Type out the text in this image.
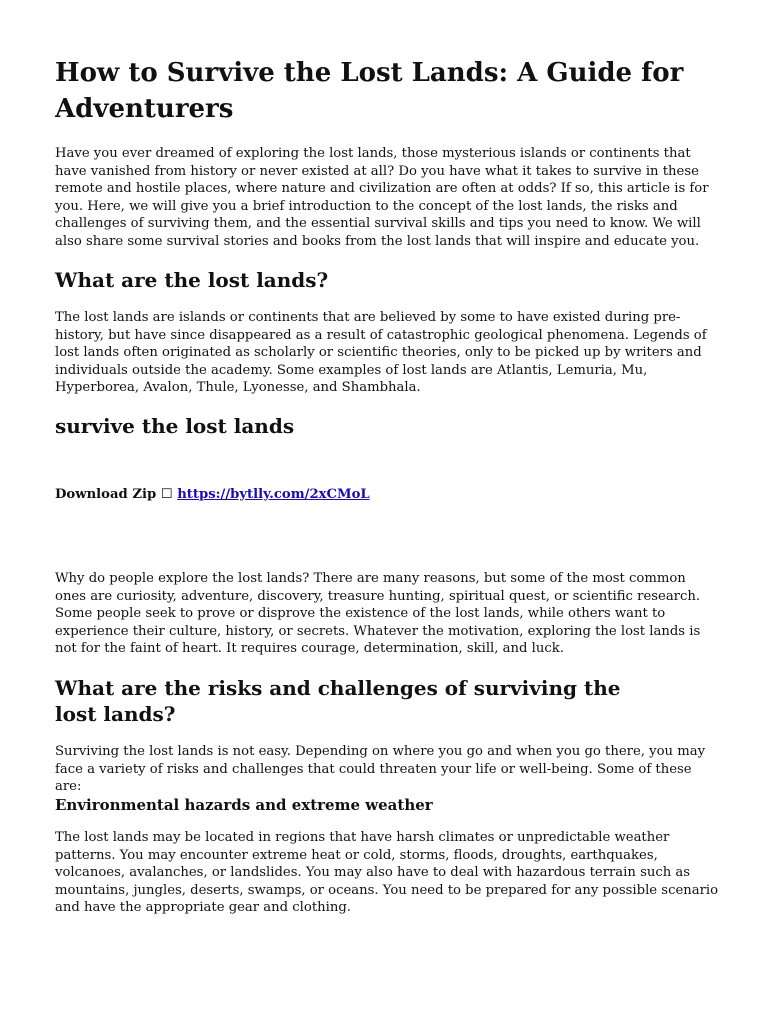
How to Survive the Lost Lands: A Guide for Adventurers

Have you ever dreamed of exploring the lost lands, those mysterious islands or continents that have vanished from history or never existed at all? Do you have what it takes to survive in these remote and hostile places, where nature and civilization are often at odds? If so, this article is for you. Here, we will give you a brief introduction to the concept of the lost lands, the risks and challenges of surviving them, and the essential survival skills and tips you need to know. We will also share some survival stories and books from the lost lands that will inspire and educate you.

What are the lost lands?

The lost lands are islands or continents that are believed by some to have existed during pre-history, but have since disappeared as a result of catastrophic geological phenomena. Legends of lost lands often originated as scholarly or scientific theories, only to be picked up by writers and individuals outside the academy. Some examples of lost lands are Atlantis, Lemuria, Mu, Hyperborea, Avalon, Thule, Lyonesse, and Shambhala.

survive the lost lands
Download Zip ☐ https://bytlly.com/2xCMoL

Why do people explore the lost lands? There are many reasons, but some of the most common ones are curiosity, adventure, discovery, treasure hunting, spiritual quest, or scientific research. Some people seek to prove or disprove the existence of the lost lands, while others want to experience their culture, history, or secrets. Whatever the motivation, exploring the lost lands is not for the faint of heart. It requires courage, determination, skill, and luck.

What are the risks and challenges of surviving the lost lands?

Surviving the lost lands is not easy. Depending on where you go and when you go there, you may face a variety of risks and challenges that could threaten your life or well-being. Some of these are:

Environmental hazards and extreme weather

The lost lands may be located in regions that have harsh climates or unpredictable weather patterns. You may encounter extreme heat or cold, storms, floods, droughts, earthquakes, volcanoes, avalanches, or landslides. You may also have to deal with hazardous terrain such as mountains, jungles, deserts, swamps, or oceans. You need to be prepared for any possible scenario and have the appropriate gear and clothing.
